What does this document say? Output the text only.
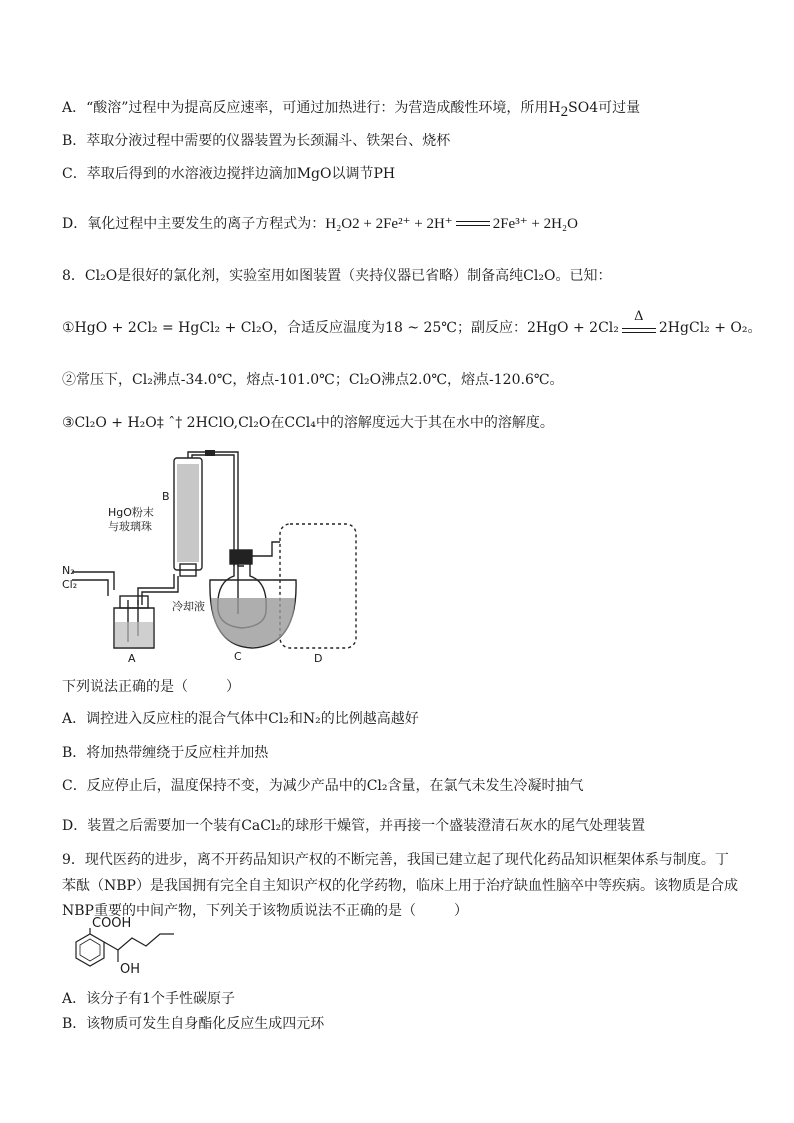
A．“酸溶”过程中为提高反应速率，可通过加热进行：为营造成酸性环境，所用$H_2SO4$可过量
B．萃取分液过程中需要的仪器装置为长颈漏斗、铁架台、烧杯
C．萃取后得到的水溶液边搅拌边滴加MgO以调节PH
D．氧化过程中主要发生的离子方程式为：H₂O2 + 2Fe²⁺ + 2H⁺	2Fe³⁺ + 2H₂O
8．Cl₂O是很好的氯化剂，实验室用如图装置（夹持仪器已省略）制备高纯Cl₂O。已知：
①HgO + 2Cl₂ = HgCl₂ + Cl₂O，合适反应温度为18 ~ 25℃；副反应：2HgO + 2Cl₂
Δ
2HgCl₂ + O₂。
②常压下，Cl₂沸点-34.0℃，熔点-101.0℃；Cl₂O沸点2.0℃，熔点-120.6℃。
③Cl₂O + H₂O‡ ˆ† 2HClO,Cl₂O在CCl₄中的溶解度远大于其在水中的溶解度。
B
HgO粉末
与玻璃珠
N₂
Cl₂
冷却液
A	C	D
下列说法正确的是（	）
A．调控进入反应柱的混合气体中Cl₂和N₂的比例越高越好
B．将加热带缠绕于反应柱并加热
C．反应停止后，温度保持不变，为减少产品中的Cl₂含量，在氯气未发生冷凝时抽气
D．装置之后需要加一个装有CaCl₂的球形干燥管，并再接一个盛装澄清石灰水的尾气处理装置
9．现代医药的进步，离不开药品知识产权的不断完善，我国已建立起了现代化药品知识框架体系与制度。丁
苯酞（NBP）是我国拥有完全自主知识产权的化学药物，临床上用于治疗缺血性脑卒中等疾病。该物质是合成
NBP重要的中间产物，下列关于该物质说法不正确的是（	）
COOH
OH
A．该分子有1个手性碳原子
B．该物质可发生自身酯化反应生成四元环
